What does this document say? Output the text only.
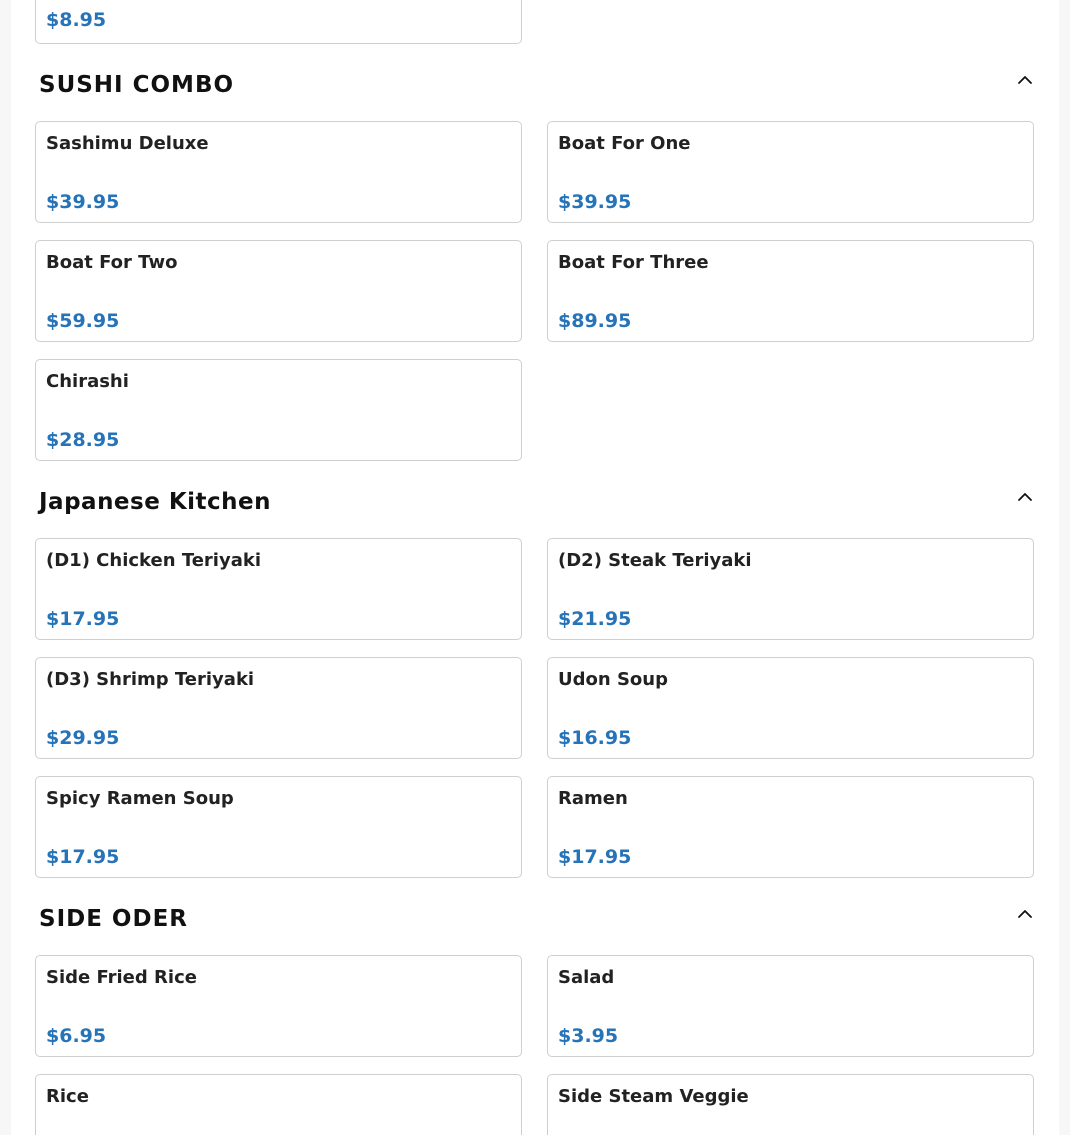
$8.95
SUSHI COMBO
Sashimu Deluxe
$39.95
Boat For One
$39.95
Boat For Two
$59.95
Boat For Three
$89.95
Chirashi
$28.95
Japanese Kitchen
(D1) Chicken Teriyaki
$17.95
(D2) Steak Teriyaki
$21.95
(D3) Shrimp Teriyaki
$29.95
Udon Soup
$16.95
Spicy Ramen Soup
$17.95
Ramen
$17.95
SIDE ODER
Side Fried Rice
$6.95
Salad
$3.95
Rice	Side Steam Veggie
